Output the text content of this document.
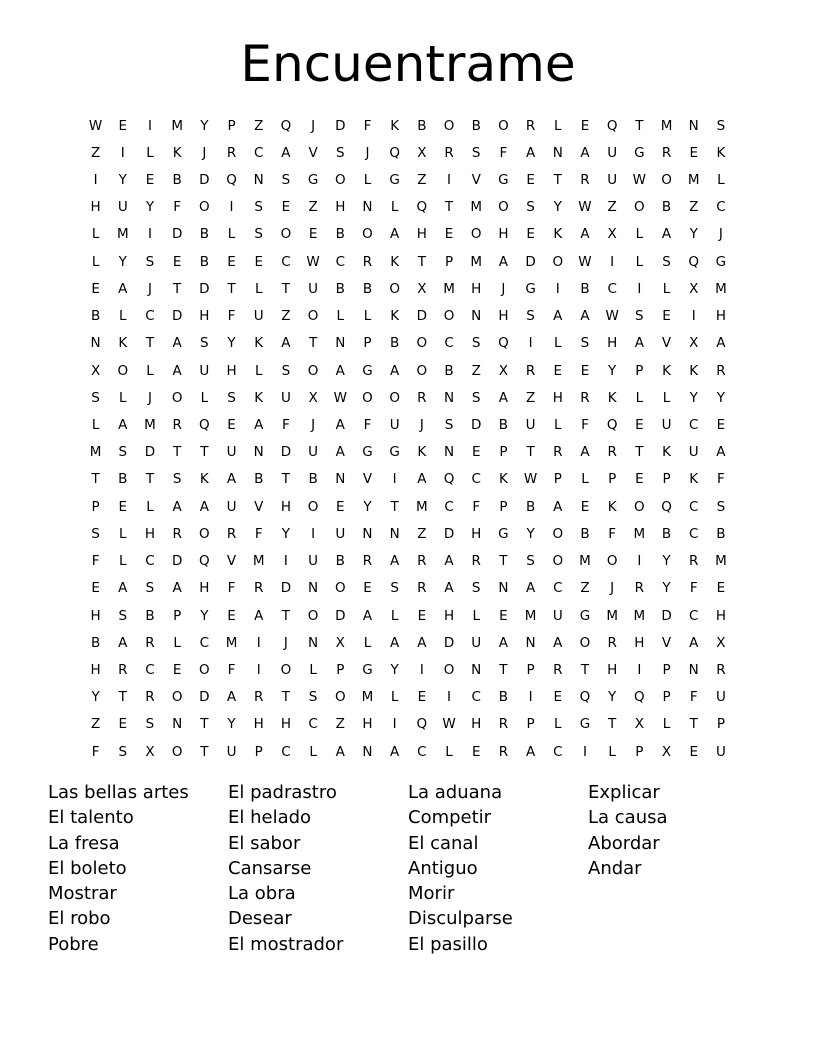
Encuentrame
W	E	I	M	Y	P	Z	Q	J	D	F	K	B	O	B	O	R	L	E	Q	T	M	N	S
Z	I	L	K	J	R	C	A	V	S	J	Q	X	R	S	F	A	N	A	U	G	R	E	K
I	Y	E	B	D	Q	N	S	G	O	L	G	Z	I	V	G	E	T	R	U	W	O	M	L
H	U	Y	F	O	I	S	E	Z	H	N	L	Q	T	M	O	S	Y	W	Z	O	B	Z	C
L	M	I	D	B	L	S	O	E	B	O	A	H	E	O	H	E	K	A	X	L	A	Y	J
L	Y	S	E	B	E	E	C	W	C	R	K	T	P	M	A	D	O	W	I	L	S	Q	G
E	A	J	T	D	T	L	T	U	B	B	O	X	M	H	J	G	I	B	C	I	L	X	M
B	L	C	D	H	F	U	Z	O	L	L	K	D	O	N	H	S	A	A	W	S	E	I	H
N	K	T	A	S	Y	K	A	T	N	P	B	O	C	S	Q	I	L	S	H	A	V	X	A
X	O	L	A	U	H	L	S	O	A	G	A	O	B	Z	X	R	E	E	Y	P	K	K	R
S	L	J	O	L	S	K	U	X	W	O	O	R	N	S	A	Z	H	R	K	L	L	Y	Y
L	A	M	R	Q	E	A	F	J	A	F	U	J	S	D	B	U	L	F	Q	E	U	C	E
M	S	D	T	T	U	N	D	U	A	G	G	K	N	E	P	T	R	A	R	T	K	U	A
T	B	T	S	K	A	B	T	B	N	V	I	A	Q	C	K	W	P	L	P	E	P	K	F
P	E	L	A	A	U	V	H	O	E	Y	T	M	C	F	P	B	A	E	K	O	Q	C	S
S	L	H	R	O	R	F	Y	I	U	N	N	Z	D	H	G	Y	O	B	F	M	B	C	B
F	L	C	D	Q	V	M	I	U	B	R	A	R	A	R	T	S	O	M	O	I	Y	R	M
E	A	S	A	H	F	R	D	N	O	E	S	R	A	S	N	A	C	Z	J	R	Y	F	E
H	S	B	P	Y	E	A	T	O	D	A	L	E	H	L	E	M	U	G	M	M	D	C	H
B	A	R	L	C	M	I	J	N	X	L	A	A	D	U	A	N	A	O	R	H	V	A	X
H	R	C	E	O	F	I	O	L	P	G	Y	I	O	N	T	P	R	T	H	I	P	N	R
Y	T	R	O	D	A	R	T	S	O	M	L	E	I	C	B	I	E	Q	Y	Q	P	F	U
Z	E	S	N	T	Y	H	H	C	Z	H	I	Q	W	H	R	P	L	G	T	X	L	T	P
F	S	X	O	T	U	P	C	L	A	N	A	C	L	E	R	A	C	I	L	P	X	E	U
Las bellas artes
El talento
La fresa
El boleto
Mostrar
El robo
Pobre
El padrastro
El helado
El sabor
Cansarse
La obra
Desear
El mostrador
La aduana
Competir
El canal
Antiguo
Morir
Disculparse
El pasillo
Explicar
La causa
Abordar
Andar
